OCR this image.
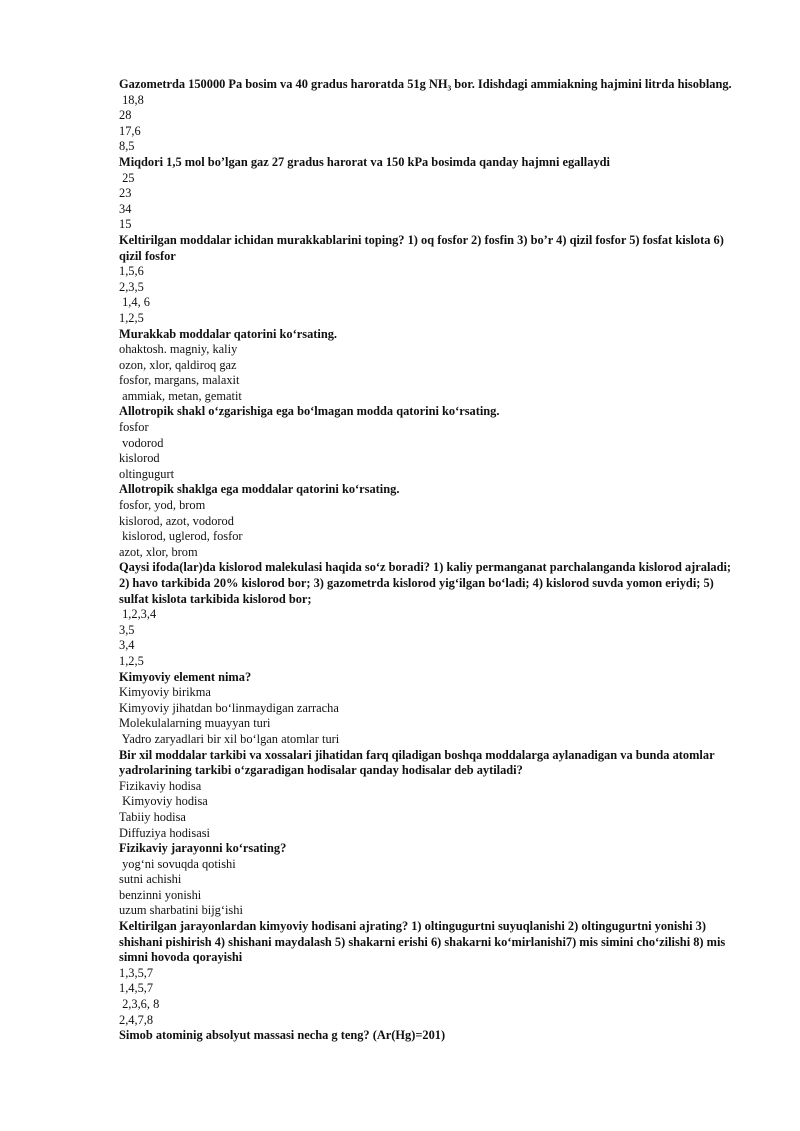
Gazometrda 150000 Pa bosim va 40 gradus haroratda 51g NH₃ bor. Idishdagi ammiakning hajmini litrda hisoblang.

18,8
28
17,6
8,5

Miqdori 1,5 mol bo’lgan gaz 27 gradus harorat va 150 kPa bosimda qanday hajmni egallaydi

25
23
34
15

Keltirilgan moddalar ichidan murakkablarini toping? 1) oq fosfor 2) fosfin 3) bo’r 4) qizil fosfor 5) fosfat kislota 6) qizil fosfor

1,5,6
2,3,5
1,4, 6
1,2,5

Murakkab moddalar qatorini ko‘rsating.

ohaktosh. magniy, kaliy
ozon, xlor, qaldiroq gaz
fosfor, margans, malaxit
ammiak, metan, gematit

Allotropik shakl o‘zgarishiga ega bo‘lmagan modda qatorini ko‘rsating.

fosfor
vodorod
kislorod
oltingugurt

Allotropik shaklga ega moddalar qatorini ko‘rsating.

fosfor, yod, brom
kislorod, azot, vodorod
kislorod, uglerod, fosfor
azot, xlor, brom

Qaysi ifoda(lar)da kislorod malekulasi haqida so‘z boradi? 1) kaliy permanganat parchalanganda kislorod ajraladi; 2) havo tarkibida 20% kislorod bor; 3) gazometrda kislorod yig‘ilgan bo‘ladi; 4) kislorod suvda yomon eriydi; 5) sulfat kislota tarkibida kislorod bor;

1,2,3,4
3,5
3,4
1,2,5

Kimyoviy element nima?

Kimyoviy birikma
Kimyoviy jihatdan bo‘linmaydigan zarracha
Molekulalarning muayyan turi
Yadro zaryadlari bir xil bo‘lgan atomlar turi

Bir xil moddalar tarkibi va xossalari jihatidan farq qiladigan boshqa moddalarga aylanadigan va bunda atomlar yadrolarining tarkibi o‘zgaradigan hodisalar qanday hodisalar deb aytiladi?

Fizikaviy hodisa
Kimyoviy hodisa
Tabiiy hodisa
Diffuziya hodisasi

Fizikaviy jarayonni ko‘rsating?

yog‘ni sovuqda qotishi
sutni achishi
benzinni yonishi
uzum sharbatini bijg‘ishi

Keltirilgan jarayonlardan kimyoviy hodisani ajrating? 1) oltingugurtni suyuqlanishi 2) oltingugurtni yonishi 3) shishani pishirish 4) shishani maydalash 5) shakarni erishi 6) shakarni ko‘mirlanishi7) mis simini cho‘zilishi 8) mis simni hovoda qorayishi

1,3,5,7
1,4,5,7
2,3,6, 8
2,4,7,8

Simob atominig absolyut massasi necha g teng? (Ar(Hg)=201)
